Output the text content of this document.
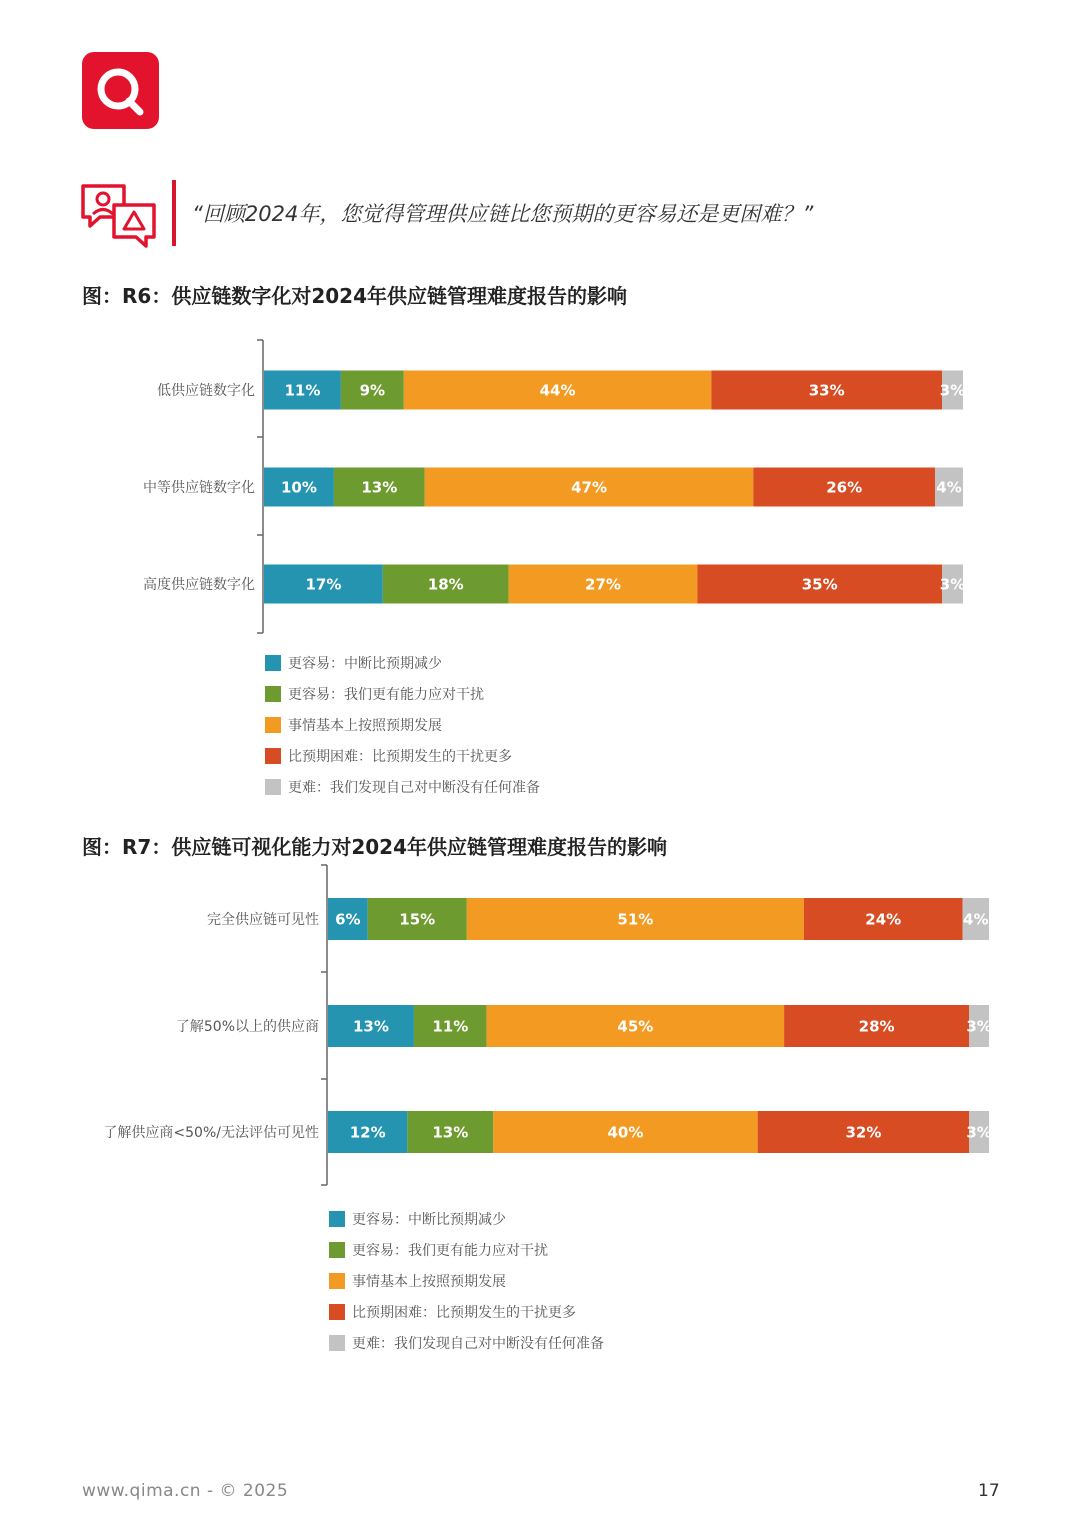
“回顾2024年，您觉得管理供应链比您预期的更容易还是更困难？”
图：R6：供应链数字化对2024年供应链管理难度报告的影响
低供应链数字化 11%	9%	44%	33%	3%
中等供应链数字化 10%	13%	47%	26%	4%
高度供应链数字化	17%	18%	27%	35%	3%
更容易：中断比预期减少
更容易：我们更有能力应对干扰
事情基本上按照预期发展
比预期困难：比预期发生的干扰更多
更难：我们发现自己对中断没有任何准备
图：R7：供应链可视化能力对2024年供应链管理难度报告的影响
完全供应链可见性 6%	15%	51%	24%	4%
了解50%以上的供应商 13%	11%	45%	28%	3%
了解供应商<50%/无法评估可见性 12%	13%	40%	32%	3%
更容易：中断比预期减少
更容易：我们更有能力应对干扰
事情基本上按照预期发展
比预期困难：比预期发生的干扰更多
更难：我们发现自己对中断没有任何准备
www.qima.cn - © 2025	17
